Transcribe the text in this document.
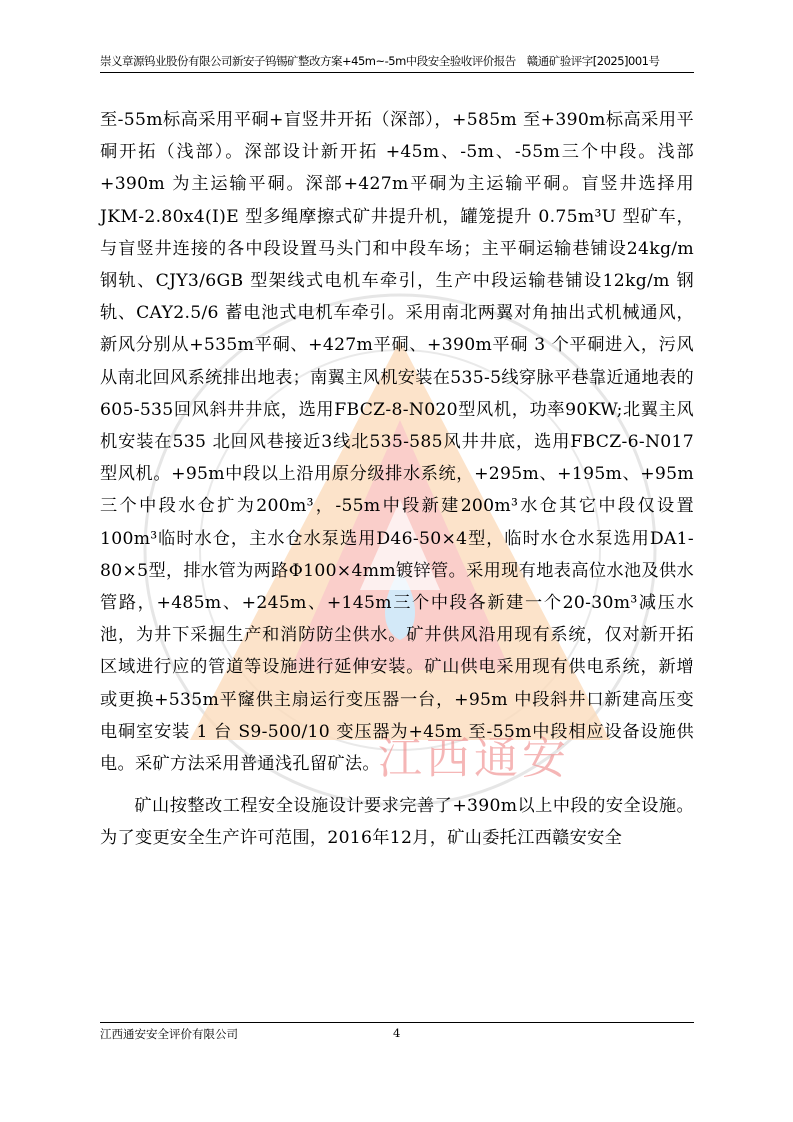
崇义章源钨业股份有限公司新安子钨锡矿整改方案+45m~-5m中段安全验收评价报告　赣通矿验评字[2025]001号
江西通安

至-55m标高采用平硐+盲竖井开拓（深部），+585m 至+390m标高采用平硐开拓（浅部）。深部设计新开拓 +45m、-5m、-55m三个中段。浅部+390m 为主运输平硐。深部+427m平硐为主运输平硐。盲竖井选择用JKM-2.80x4(I)E 型多绳摩擦式矿井提升机，罐笼提升 0.75m³U 型矿车，与盲竖井连接的各中段设置马头门和中段车场；主平硐运输巷铺设24kg/m 钢轨、CJY3/6GB 型架线式电机车牵引，生产中段运输巷铺设12kg/m 钢轨、CAY2.5/6 蓄电池式电机车牵引。采用南北两翼对角抽出式机械通风，新风分别从+535m平硐、+427m平硐、+390m平硐 3 个平硐进入，污风从南北回风系统排出地表；南翼主风机安装在535-5线穿脉平巷靠近通地表的605-535回风斜井井底，选用FBCZ-8-N020型风机，功率90KW;北翼主风机安装在535 北回风巷接近3线北535-585风井井底，选用FBCZ-6-N017型风机。+95m中段以上沿用原分级排水系统，+295m、+195m、+95m 三个中段水仓扩为200m³，-55m中段新建200m³水仓其它中段仅设置100m³临时水仓，主水仓水泵选用D46-50×4型，临时水仓水泵选用DA1-80×5型，排水管为两路Φ100×4mm镀锌管。采用现有地表高位水池及供水管路，+485m、+245m、+145m三个中段各新建一个20-30m³减压水池，为井下采掘生产和消防防尘供水。矿井供风沿用现有系统，仅对新开拓区域进行应的管道等设施进行延伸安装。矿山供电采用现有供电系统，新增或更换+535m平窿供主扇运行变压器一台，+95m 中段斜井口新建高压变电硐室安装 1 台 S9-500/10 变压器为+45m 至-55m中段相应设备设施供电。采矿方法采用普通浅孔留矿法。

矿山按整改工程安全设施设计要求完善了+390m以上中段的安全设施。为了变更安全生产许可范围，2016年12月，矿山委托江西赣安安全

江西通安安全评价有限公司	4
